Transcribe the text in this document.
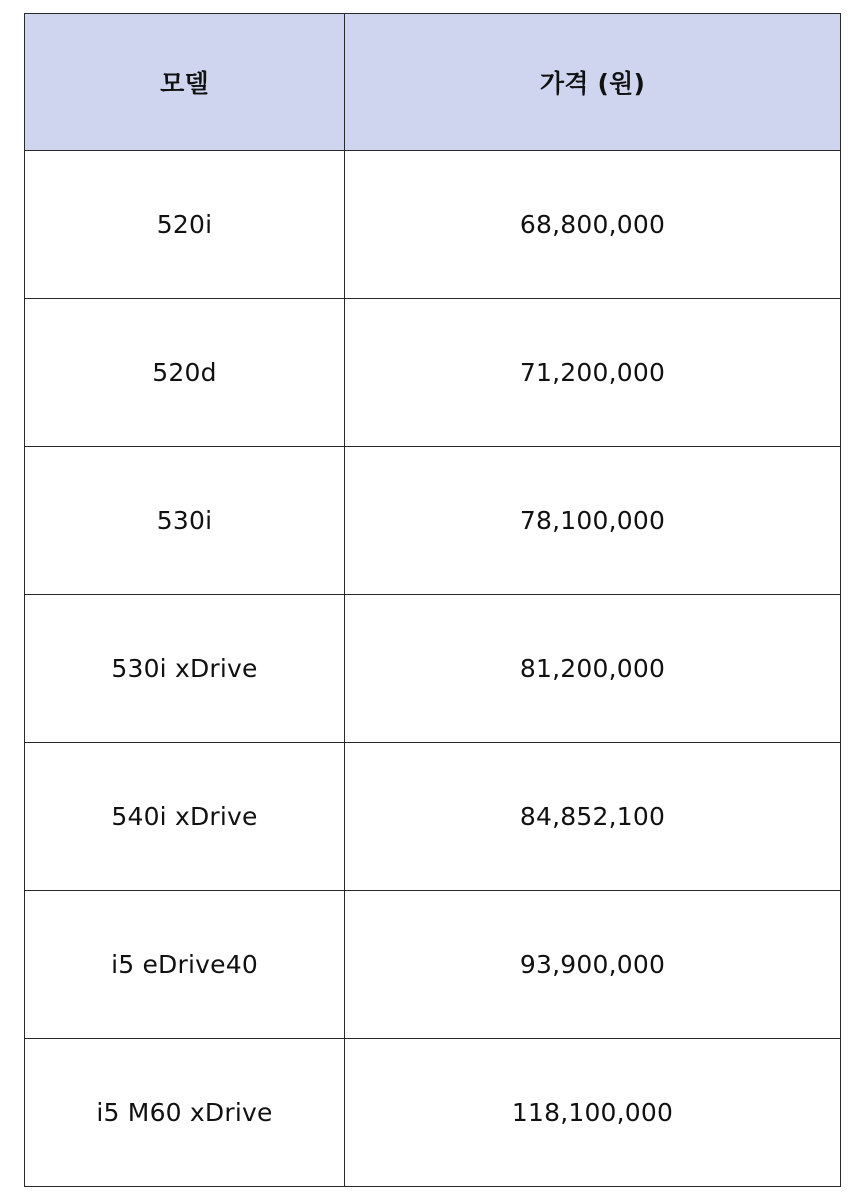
모델	가격 (원)
520i	68,800,000
520d	71,200,000
530i	78,100,000
530i xDrive	81,200,000
540i xDrive	84,852,100
i5 eDrive40	93,900,000
i5 M60 xDrive	118,100,000
